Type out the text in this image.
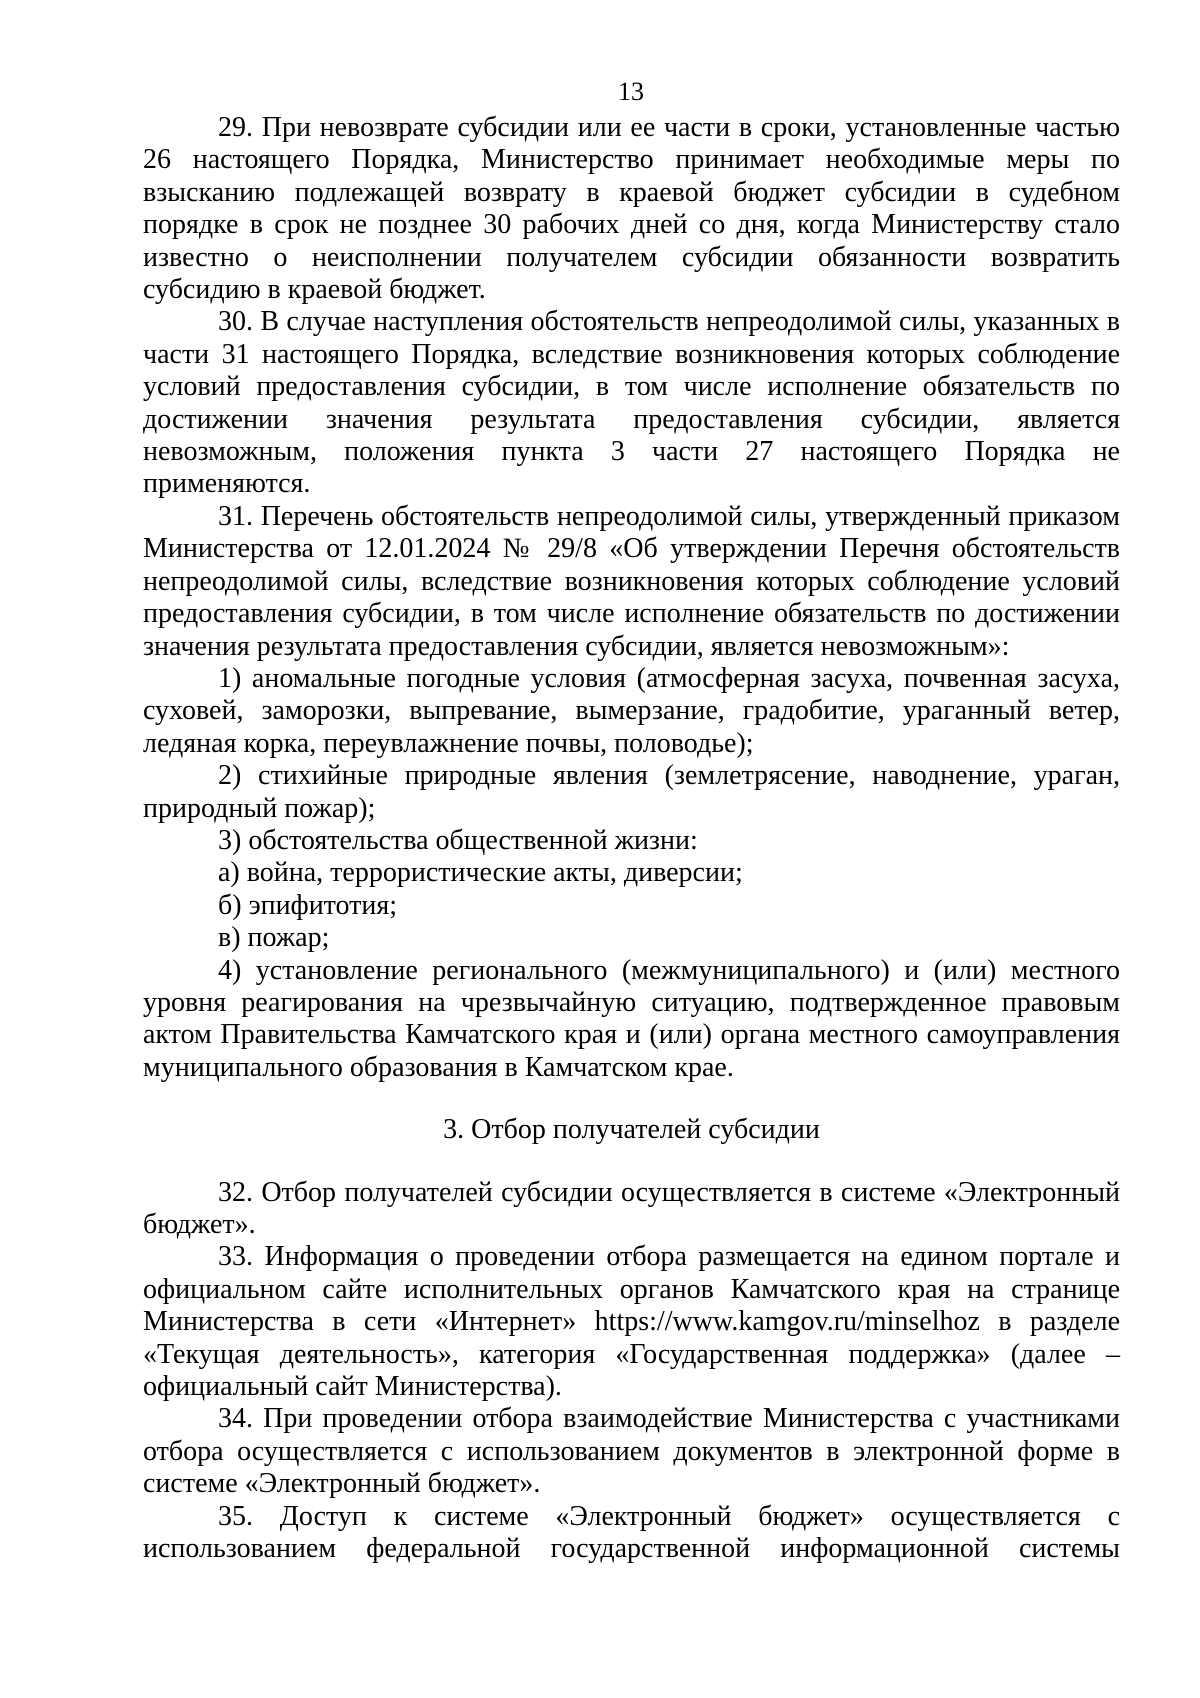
13

29. При невозврате субсидии или ее части в сроки, установленные частью 26 настоящего Порядка, Министерство принимает необходимые меры по взысканию подлежащей возврату в краевой бюджет субсидии в судебном порядке в срок не позднее 30 рабочих дней со дня, когда Министерству стало известно о неисполнении получателем субсидии обязанности возвратить субсидию в краевой бюджет.

30. В случае наступления обстоятельств непреодолимой силы, указанных в части 31 настоящего Порядка, вследствие возникновения которых соблюдение условий предоставления субсидии, в том числе исполнение обязательств по достижении значения результата предоставления субсидии, является невозможным, положения пункта 3 части 27 настоящего Порядка не применяются.

31. Перечень обстоятельств непреодолимой силы, утвержденный приказом Министерства от 12.01.2024 № 29/8 «Об утверждении Перечня обстоятельств непреодолимой силы, вследствие возникновения которых соблюдение условий предоставления субсидии, в том числе исполнение обязательств по достижении значения результата предоставления субсидии, является невозможным»:

1) аномальные погодные условия (атмосферная засуха, почвенная засуха, суховей, заморозки, выпревание, вымерзание, градобитие, ураганный ветер, ледяная корка, переувлажнение почвы, половодье);

2) стихийные природные явления (землетрясение, наводнение, ураган, природный пожар);

3) обстоятельства общественной жизни:

а) война, террористические акты, диверсии;

б) эпифитотия;

в) пожар;

4) установление регионального (межмуниципального) и (или) местного уровня реагирования на чрезвычайную ситуацию, подтвержденное правовым актом Правительства Камчатского края и (или) органа местного самоуправления муниципального образования в Камчатском крае.

3. Отбор получателей субсидии

32. Отбор получателей субсидии осуществляется в системе «Электронный бюджет».

33. Информация о проведении отбора размещается на едином портале и официальном сайте исполнительных органов Камчатского края на странице Министерства в сети «Интернет» https://www.kamgov.ru/minselhoz в разделе «Текущая деятельность», категория «Государственная поддержка» (далее – официальный сайт Министерства).

34. При проведении отбора взаимодействие Министерства с участниками отбора осуществляется с использованием документов в электронной форме в системе «Электронный бюджет».

35. Доступ к системе «Электронный бюджет» осуществляется с использованием федеральной государственной информационной системы
